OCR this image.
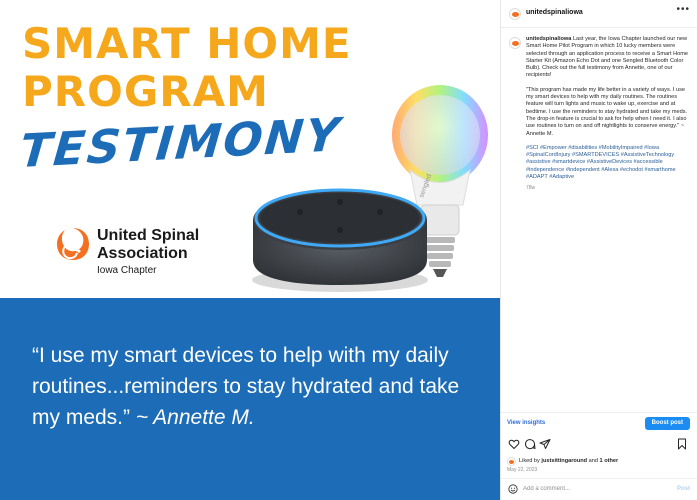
SMART HOME
PROGRAM
TESTIMONY
United Spinal
Association
Iowa Chapter
sengled
“I use my smart devices to help with my daily routines...reminders to stay hydrated and take my meds.” ~ Annette M.
unitedspinaliowa	•••

unitedspinaliowa Last year, the Iowa Chapter launched our new Smart Home Pilot Program in which 10 lucky members were selected through an application process to receive a Smart Home Starter Kit (Amazon Echo Dot and one Sengled Bluetooth Color Bulb). Check out the full testimony from Annette, one of our recipients!

"This program has made my life better in a variety of ways. I use my smart devices to help with my daily routines. The routines feature will turn lights and music to wake up, exercise and at bedtime. I use the reminders to stay hydrated and take my meds. The drop-in feature is crucial to ask for help when I need it. I also use routines to turn on and off nightlights to conserve energy." ~ Annette M.

#SCI #Empower #disabilities #MobilityImpaired #Iowa #SpinalCordInjury #SMARTDEVICES #AssistiveTechnology #assistive #smartdevice #AssistiveDevices #accessible #independence #independent #Alexa #echodot #smarthome #ADAPT #Adaptive

78w
View insights	Boost post
Liked by justsittingaround and 1 other
May 22, 2023
Add a comment...
Post
